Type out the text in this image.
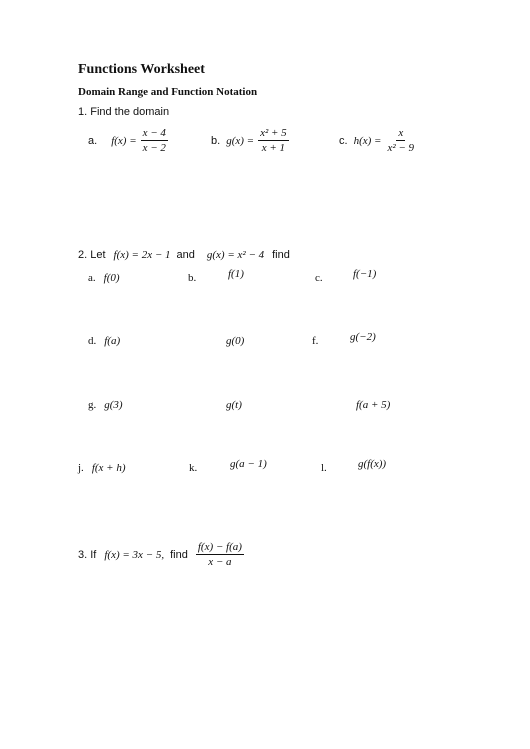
Functions Worksheet
Domain Range and Function Notation
1. Find the domain
a. $f(x) = \frac{x - 4}{x - 2}$	b. $g(x) = \frac{\text{x² + 5}}{x + 1}$	c. $h(x) = \frac{x}{\text{x² − 9}}$
2. Let f(x) = 2x − 1 and g(x) = x² − 4 find
a. f(0)	b.	f(1)	c.	f(−1)
d. f(a)	g(0)	f.	g(−2)
g. g(3)	g(t)	f(a + 5)
j. f(x + h)	k.	g(a − 1)	l.	g(f(x))
3. If f(x) = 3x − 5, find $\frac{f(x) - f(a)}{x - a}$
